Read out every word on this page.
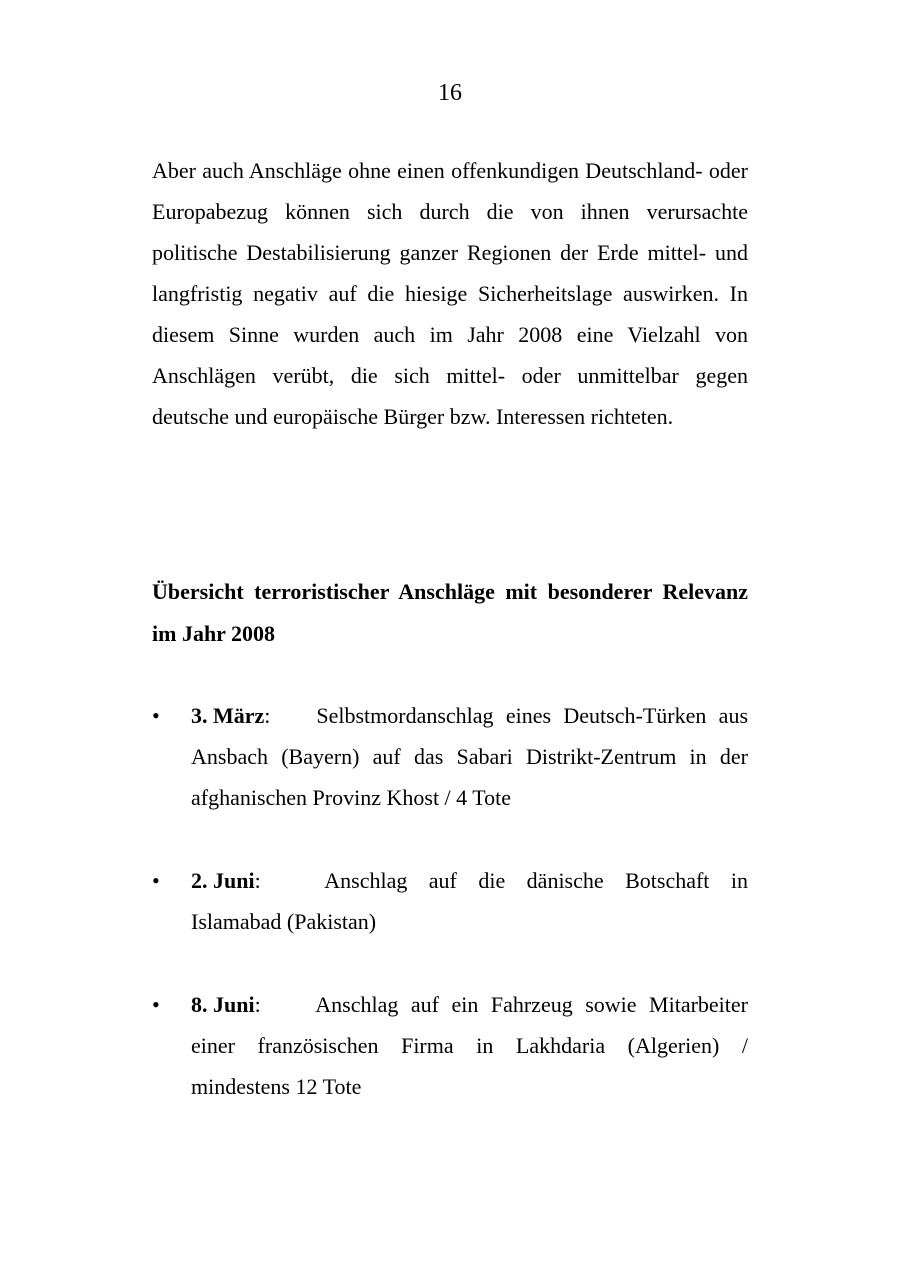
16

Aber auch Anschläge ohne einen offenkundigen Deutschland- oder Europabezug können sich durch die von ihnen verursachte politische Destabilisierung ganzer Regionen der Erde mittel- und langfristig negativ auf die hiesige Sicherheitslage auswirken. In diesem Sinne wurden auch im Jahr 2008 eine Vielzahl von Anschlägen verübt, die sich mittel- oder unmittelbar gegen deutsche und europäische Bürger bzw. Interessen richteten.

Übersicht terroristischer Anschläge mit besonderer Relevanz im Jahr 2008

•	3. März: Selbstmordanschlag eines Deutsch-Türken aus Ansbach (Bayern) auf das Sabari Distrikt-Zentrum in der afghanischen Provinz Khost / 4 Tote
•	2. Juni:	Anschlag auf die dänische Botschaft in Islamabad (Pakistan)
•	8. Juni: Anschlag auf ein Fahrzeug sowie Mitarbeiter einer französischen Firma in Lakhdaria (Algerien) / mindestens 12 Tote
